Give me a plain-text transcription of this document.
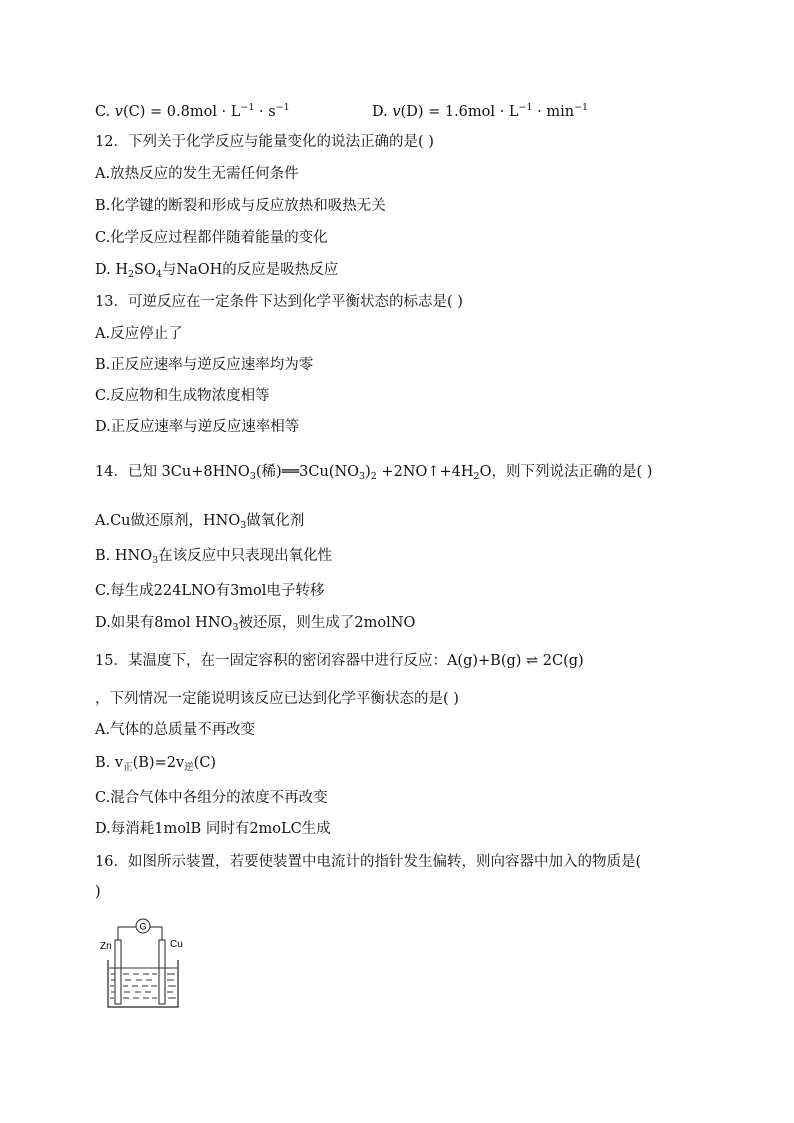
C. $v(C) = 0.8mol \cdot L^{-1} \cdot s^{-1}$	D. $v(D) = 1.6mol \cdot L^{-1} \cdot \min^{-1}$
12．下列关于化学反应与能量变化的说法正确的是( )
A.放热反应的发生无需任何条件
B.化学键的断裂和形成与反应放热和吸热无关
C.化学反应过程都伴随着能量的变化
D. $H_2SO_4$与NaOH的反应是吸热反应
13．可逆反应在一定条件下达到化学平衡状态的标志是( )
A.反应停止了
B.正反应速率与逆反应速率均为零
C.反应物和生成物浓度相等
D.正反应速率与逆反应速率相等
14．已知 $3Cu+8HNO_3$(稀)$══3Cu(NO_3)_2$ $+2NO↑+4H_2O$，则下列说法正确的是( )
A.Cu做还原剂，$HNO_3$做氧化剂
B. $HNO_3$在该反应中只表现出氧化性
C.每生成224LNO有3mol电子转移
D.如果有8mol $HNO_3$被还原，则生成了2molNO
15．某温度下，在一固定容积的密闭容器中进行反应：A(g)+B(g) ⇌ 2C(g)
，下列情况一定能说明该反应已达到化学平衡状态的是( )
A.气体的总质量不再改变
B. $v_正(B)=2v_逆(C)$
C.混合气体中各组分的浓度不再改变
D.每消耗1molB 同时有2moLC生成
16．如图所示装置，若要使装置中电流计的指针发生偏转，则向容器中加入的物质是(
)
G
Zn	Cu
